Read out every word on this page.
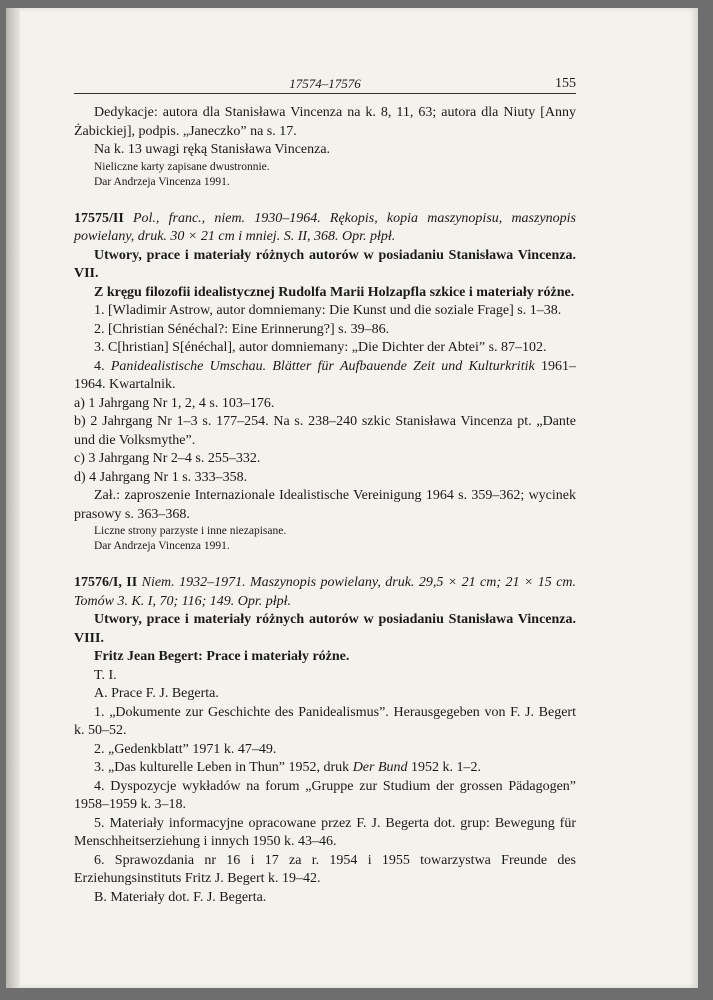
17574–17576	155

Dedykacje: autora dla Stanisława Vincenza na k. 8, 11, 63; autora dla Niuty [Anny Żabickiej], podpis. „Janeczko” na s. 17.

Na k. 13 uwagi ręką Stanisława Vincenza.

Nieliczne karty zapisane dwustronnie.

Dar Andrzeja Vincenza 1991.

17575/II Pol., franc., niem. 1930–1964. Rękopis, kopia maszynopisu, maszynopis powielany, druk. 30 × 21 cm i mniej. S. II, 368. Opr. płpł.

Utwory, prace i materiały różnych autorów w posiadaniu Stanisława Vincenza. VII.

Z kręgu filozofii idealistycznej Rudolfa Marii Holzapfla szkice i materiały różne.

1. [Wladimir Astrow, autor domniemany: Die Kunst und die soziale Frage] s. 1–38.

2. [Christian Sénéchal?: Eine Erinnerung?] s. 39–86.

3. C[hristian] S[énéchal], autor domniemany: „Die Dichter der Abtei” s. 87–102.

4. Panidealistische Umschau. Blätter für Aufbauende Zeit und Kulturkritik 1961–1964. Kwartalnik.

a) 1 Jahrgang Nr 1, 2, 4 s. 103–176.

b) 2 Jahrgang Nr 1–3 s. 177–254. Na s. 238–240 szkic Stanisława Vincenza pt. „Dante und die Volksmythe”.

c) 3 Jahrgang Nr 2–4 s. 255–332.

d) 4 Jahrgang Nr 1 s. 333–358.

Zał.: zaproszenie Internazionale Idealistische Vereinigung 1964 s. 359–362; wycinek prasowy s. 363–368.

Liczne strony parzyste i inne niezapisane.

Dar Andrzeja Vincenza 1991.

17576/I, II Niem. 1932–1971. Maszynopis powielany, druk. 29,5 × 21 cm; 21 × 15 cm. Tomów 3. K. I, 70; 116; 149. Opr. płpł.

Utwory, prace i materiały różnych autorów w posiadaniu Stanisława Vincenza. VIII.

Fritz Jean Begert: Prace i materiały różne.

T. I.

A. Prace F. J. Begerta.

1. „Dokumente zur Geschichte des Panidealismus”. Herausgegeben von F. J. Begert k. 50–52.

2. „Gedenkblatt” 1971 k. 47–49.

3. „Das kulturelle Leben in Thun” 1952, druk Der Bund 1952 k. 1–2.

4. Dyspozycje wykładów na forum „Gruppe zur Studium der grossen Pädagogen” 1958–1959 k. 3–18.

5. Materiały informacyjne opracowane przez F. J. Begerta dot. grup: Bewegung für Menschheitserziehung i innych 1950 k. 43–46.

6. Sprawozdania nr 16 i 17 za r. 1954 i 1955 towarzystwa Freunde des Erziehungsinstituts Fritz J. Begert k. 19–42.

B. Materiały dot. F. J. Begerta.
